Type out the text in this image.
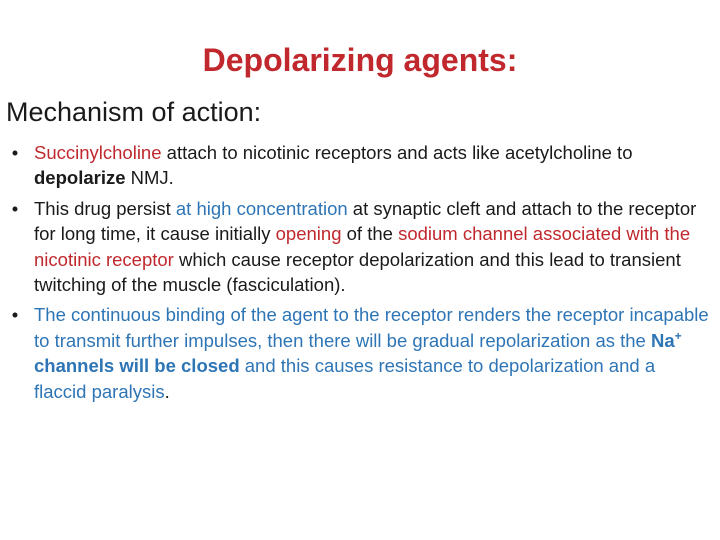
Depolarizing agents:
Mechanism of action:
• Succinylcholine attach to nicotinic receptors and acts like acetylcholine to depolarize NMJ.
• This drug persist at high concentration at synaptic cleft and attach to the receptor for long time, it cause initially opening of the sodium channel associated with the nicotinic receptor which cause receptor depolarization and this lead to transient twitching of the muscle (fasciculation).
• The continuous binding of the agent to the receptor renders the receptor incapable to transmit further impulses, then there will be gradual repolarization as the Na+ channels will be closed and this causes resistance to depolarization and a flaccid paralysis.
